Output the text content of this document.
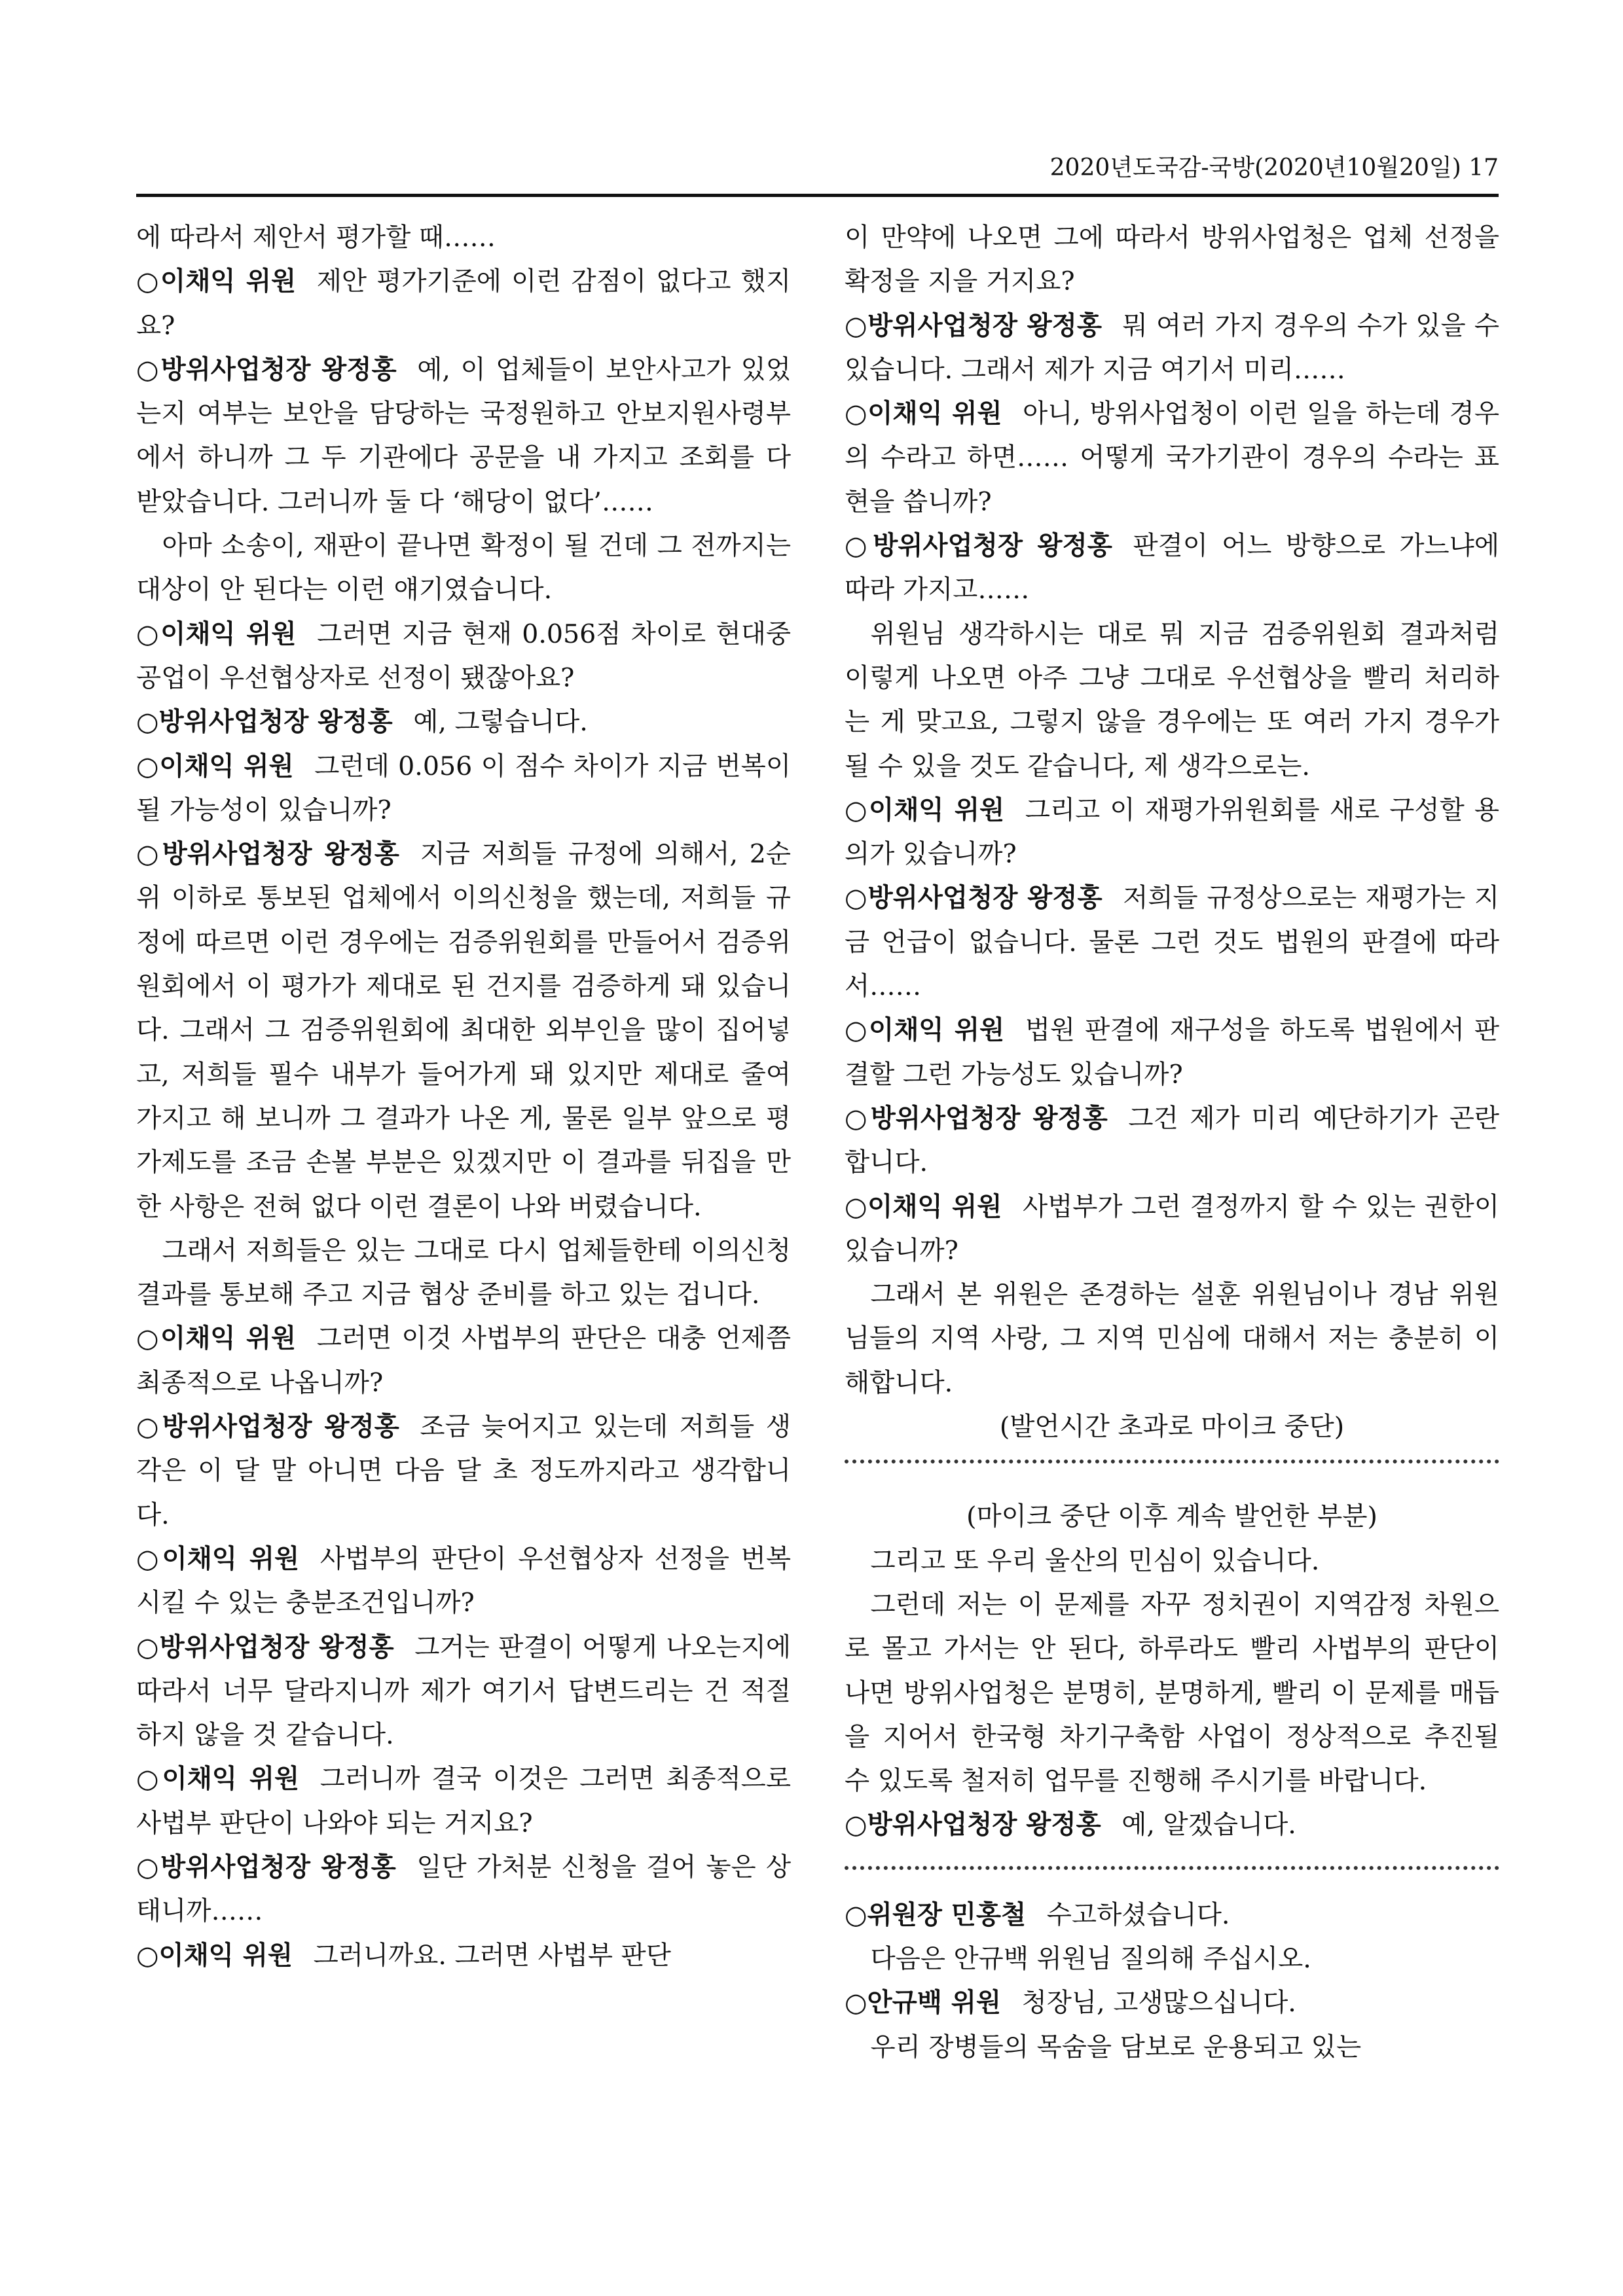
2020년도국감-국방(2020년10월20일) 17

에 따라서 제안서 평가할 때……

○이채익 위원 제안 평가기준에 이런 감점이 없다고 했지요?

○방위사업청장 왕정홍 예, 이 업체들이 보안사고가 있었는지 여부는 보안을 담당하는 국정원하고 안보지원사령부에서 하니까 그 두 기관에다 공문을 내 가지고 조회를 다 받았습니다. 그러니까 둘 다 ‘해당이 없다’……

아마 소송이, 재판이 끝나면 확정이 될 건데 그 전까지는 대상이 안 된다는 이런 얘기였습니다.

○이채익 위원 그러면 지금 현재 0.056점 차이로 현대중공업이 우선협상자로 선정이 됐잖아요?

○방위사업청장 왕정홍 예, 그렇습니다.

○이채익 위원 그런데 0.056 이 점수 차이가 지금 번복이 될 가능성이 있습니까?

○방위사업청장 왕정홍 지금 저희들 규정에 의해서, 2순위 이하로 통보된 업체에서 이의신청을 했는데, 저희들 규정에 따르면 이런 경우에는 검증위원회를 만들어서 검증위원회에서 이 평가가 제대로 된 건지를 검증하게 돼 있습니다. 그래서 그 검증위원회에 최대한 외부인을 많이 집어넣고, 저희들 필수 내부가 들어가게 돼 있지만 제대로 줄여 가지고 해 보니까 그 결과가 나온 게, 물론 일부 앞으로 평가제도를 조금 손볼 부분은 있겠지만 이 결과를 뒤집을 만한 사항은 전혀 없다 이런 결론이 나와 버렸습니다.

그래서 저희들은 있는 그대로 다시 업체들한테 이의신청 결과를 통보해 주고 지금 협상 준비를 하고 있는 겁니다.

○이채익 위원 그러면 이것 사법부의 판단은 대충 언제쯤 최종적으로 나옵니까?

○방위사업청장 왕정홍 조금 늦어지고 있는데 저희들 생각은 이 달 말 아니면 다음 달 초 정도까지라고 생각합니다.

○이채익 위원 사법부의 판단이 우선협상자 선정을 번복시킬 수 있는 충분조건입니까?

○방위사업청장 왕정홍 그거는 판결이 어떻게 나오는지에 따라서 너무 달라지니까 제가 여기서 답변드리는 건 적절하지 않을 것 같습니다.

○이채익 위원 그러니까 결국 이것은 그러면 최종적으로 사법부 판단이 나와야 되는 거지요?

○방위사업청장 왕정홍 일단 가처분 신청을 걸어 놓은 상태니까……

○이채익 위원 그러니까요. 그러면 사법부 판단

이 만약에 나오면 그에 따라서 방위사업청은 업체 선정을 확정을 지을 거지요?

○방위사업청장 왕정홍 뭐 여러 가지 경우의 수가 있을 수 있습니다. 그래서 제가 지금 여기서 미리……

○이채익 위원 아니, 방위사업청이 이런 일을 하는데 경우의 수라고 하면…… 어떻게 국가기관이 경우의 수라는 표현을 씁니까?

○방위사업청장 왕정홍 판결이 어느 방향으로 가느냐에 따라 가지고……

위원님 생각하시는 대로 뭐 지금 검증위원회 결과처럼 이렇게 나오면 아주 그냥 그대로 우선협상을 빨리 처리하는 게 맞고요, 그렇지 않을 경우에는 또 여러 가지 경우가 될 수 있을 것도 같습니다, 제 생각으로는.

○이채익 위원 그리고 이 재평가위원회를 새로 구성할 용의가 있습니까?

○방위사업청장 왕정홍 저희들 규정상으로는 재평가는 지금 언급이 없습니다. 물론 그런 것도 법원의 판결에 따라서……

○이채익 위원 법원 판결에 재구성을 하도록 법원에서 판결할 그런 가능성도 있습니까?

○방위사업청장 왕정홍 그건 제가 미리 예단하기가 곤란합니다.

○이채익 위원 사법부가 그런 결정까지 할 수 있는 권한이 있습니까?

그래서 본 위원은 존경하는 설훈 위원님이나 경남 위원님들의 지역 사랑, 그 지역 민심에 대해서 저는 충분히 이해합니다.

(발언시간 초과로 마이크 중단)

(마이크 중단 이후 계속 발언한 부분)

그리고 또 우리 울산의 민심이 있습니다.

그런데 저는 이 문제를 자꾸 정치권이 지역감정 차원으로 몰고 가서는 안 된다, 하루라도 빨리 사법부의 판단이 나면 방위사업청은 분명히, 분명하게, 빨리 이 문제를 매듭을 지어서 한국형 차기구축함 사업이 정상적으로 추진될 수 있도록 철저히 업무를 진행해 주시기를 바랍니다.

○방위사업청장 왕정홍 예, 알겠습니다.

○위원장 민홍철 수고하셨습니다.

다음은 안규백 위원님 질의해 주십시오.

○안규백 위원 청장님, 고생많으십니다.

우리 장병들의 목숨을 담보로 운용되고 있는
